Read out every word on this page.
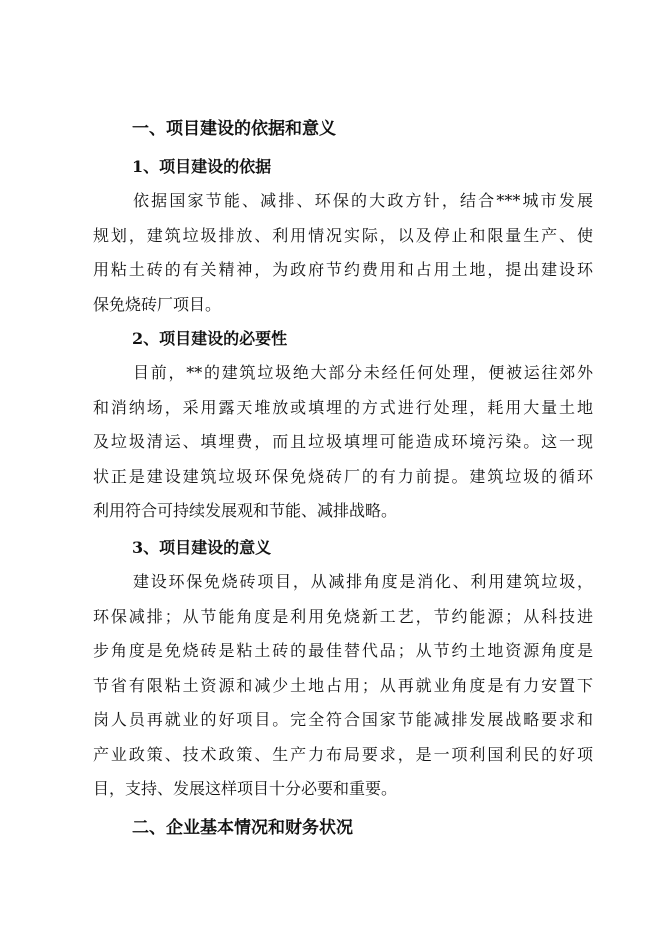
一、项目建设的依据和意义
1、项目建设的依据
依据国家节能、减排、环保的大政方针，结合***城市发展
规划，建筑垃圾排放、利用情况实际，以及停止和限量生产、使
用粘土砖的有关精神，为政府节约费用和占用土地，提出建设环
保免烧砖厂项目。
2、项目建设的必要性
目前，**的建筑垃圾绝大部分未经任何处理，便被运往郊外
和消纳场，采用露天堆放或填埋的方式进行处理，耗用大量土地
及垃圾清运、填埋费，而且垃圾填埋可能造成环境污染。这一现
状正是建设建筑垃圾环保免烧砖厂的有力前提。建筑垃圾的循环
利用符合可持续发展观和节能、减排战略。
3、项目建设的意义
建设环保免烧砖项目，从减排角度是消化、利用建筑垃圾，
环保减排；从节能角度是利用免烧新工艺，节约能源；从科技进
步角度是免烧砖是粘土砖的最佳替代品；从节约土地资源角度是
节省有限粘土资源和减少土地占用；从再就业角度是有力安置下
岗人员再就业的好项目。完全符合国家节能减排发展战略要求和
产业政策、技术政策、生产力布局要求，是一项利国利民的好项
目，支持、发展这样项目十分必要和重要。
二、企业基本情况和财务状况
